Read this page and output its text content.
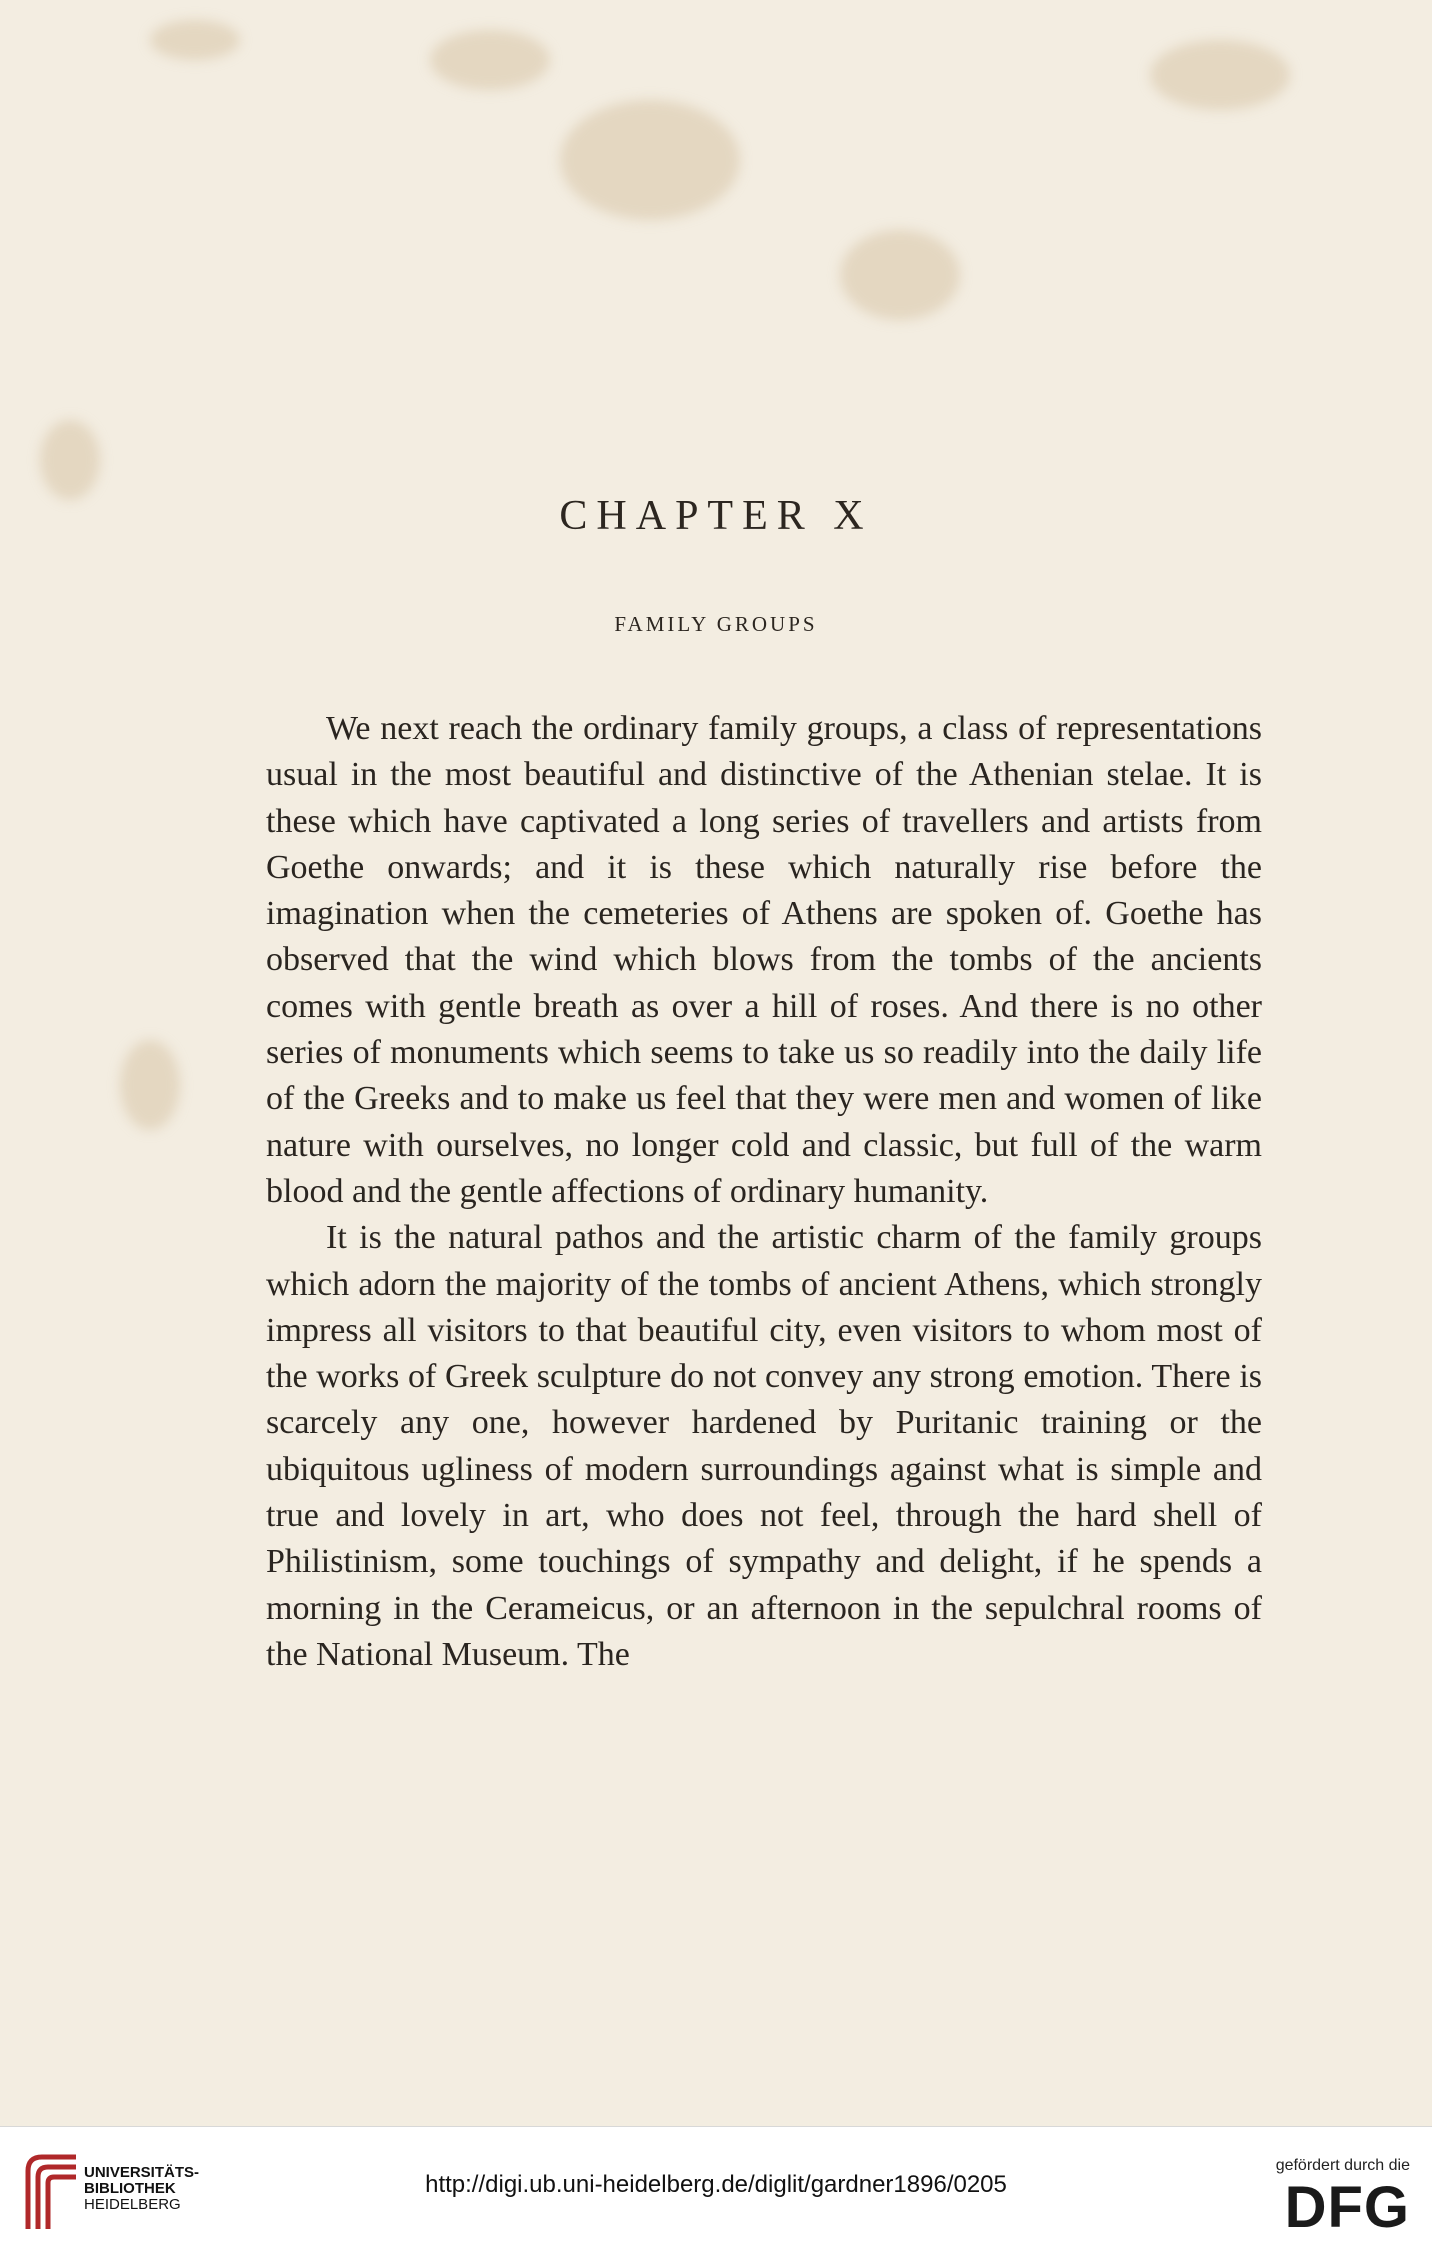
CHAPTER X
FAMILY GROUPS

We next reach the ordinary family groups, a class of representations usual in the most beautiful and distinctive of the Athenian stelae. It is these which have captivated a long series of travellers and artists from Goethe onwards; and it is these which naturally rise before the imagination when the cemeteries of Athens are spoken of. Goethe has observed that the wind which blows from the tombs of the ancients comes with gentle breath as over a hill of roses. And there is no other series of monuments which seems to take us so readily into the daily life of the Greeks and to make us feel that they were men and women of like nature with ourselves, no longer cold and classic, but full of the warm blood and the gentle affections of ordinary humanity.

It is the natural pathos and the artistic charm of the family groups which adorn the majority of the tombs of ancient Athens, which strongly impress all visitors to that beautiful city, even visitors to whom most of the works of Greek sculpture do not convey any strong emotion. There is scarcely any one, however hardened by Puritanic training or the ubiquitous ugliness of modern surroundings against what is simple and true and lovely in art, who does not feel, through the hard shell of Philistinism, some touchings of sympathy and delight, if he spends a morning in the Cerameicus, or an afternoon in the sepulchral rooms of the National Museum. The

UNIVERSITÄTS-
BIBLIOTHEK
HEIDELBERG
http://digi.ub.uni-heidelberg.de/diglit/gardner1896/0205
gefördert durch die
DFG
